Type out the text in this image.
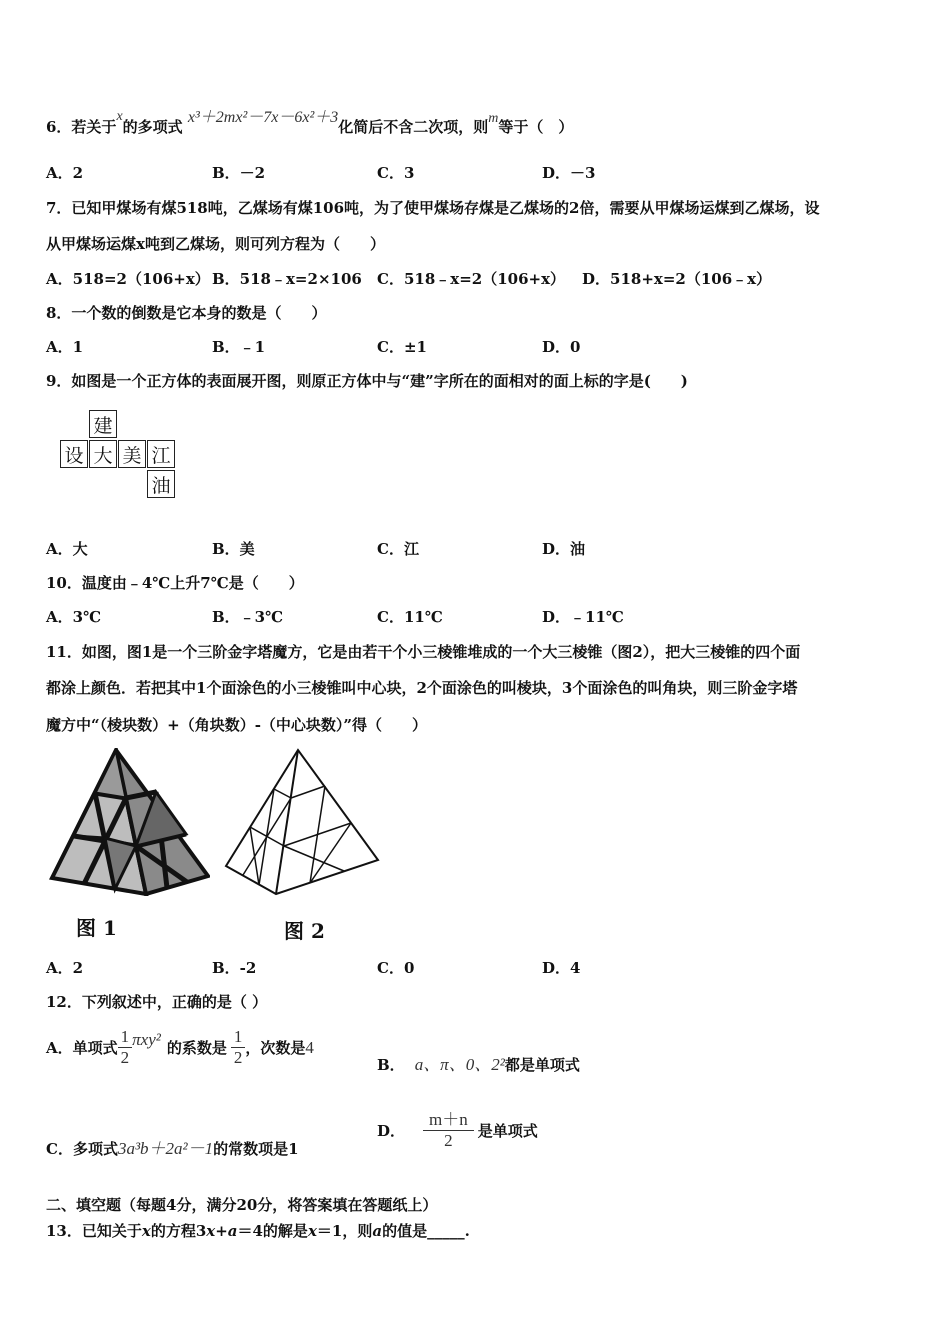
6．若关于x的多项式 x³＋2mx²－7x－6x²＋3化简后不含二次项，则m等于（　）
A．2	B．－2	C．3	D．－3
7．已知甲煤场有煤518吨，乙煤场有煤106吨，为了使甲煤场存煤是乙煤场的2倍，需要从甲煤场运煤到乙煤场，设
从甲煤场运煤x吨到乙煤场，则可列方程为（　　）
A．518=2（106+x） B．518﹣x=2×106 C．518﹣x=2（106+x） D．518+x=2（106﹣x）
8．一个数的倒数是它本身的数是（　　）
A．1	B．﹣1	C．±1	D．0
9．如图是一个正方体的表面展开图，则原正方体中与“建”字所在的面相对的面上标的字是(　　)
建
设 大 美 江
油
A．大	B．美	C．江	D．油
10．温度由﹣4℃上升7℃是（　　）
A．3℃	B．﹣3℃	C．11℃	D．﹣11℃
11．如图，图1是一个三阶金字塔魔方，它是由若干个小三棱锥堆成的一个大三棱锥（图2），把大三棱锥的四个面
都涂上颜色．若把其中1个面涂色的小三棱锥叫中心块，2个面涂色的叫棱块，3个面涂色的叫角块，则三阶金字塔
魔方中“（棱块数）+（角块数）-（中心块数）”得（　　）
图 1	图 2
A．2	B．-2	C．0	D．4
12．下列叙述中，正确的是（ ）
A．单项式 $\frac{1}{2} \pi xy^2$ 的系数是 $\frac{1}{2}$ ，次数是 4
B． a、π、0、2²都是单项式
C．多项式3a³b＋2a²－1的常数项是1
D． $\frac{m+n}{2}$ 是单项式
二、填空题（每题4分，满分20分，将答案填在答题纸上）
13．已知关于x的方程3x+a＝4的解是x＝1，则a的值是_____.
